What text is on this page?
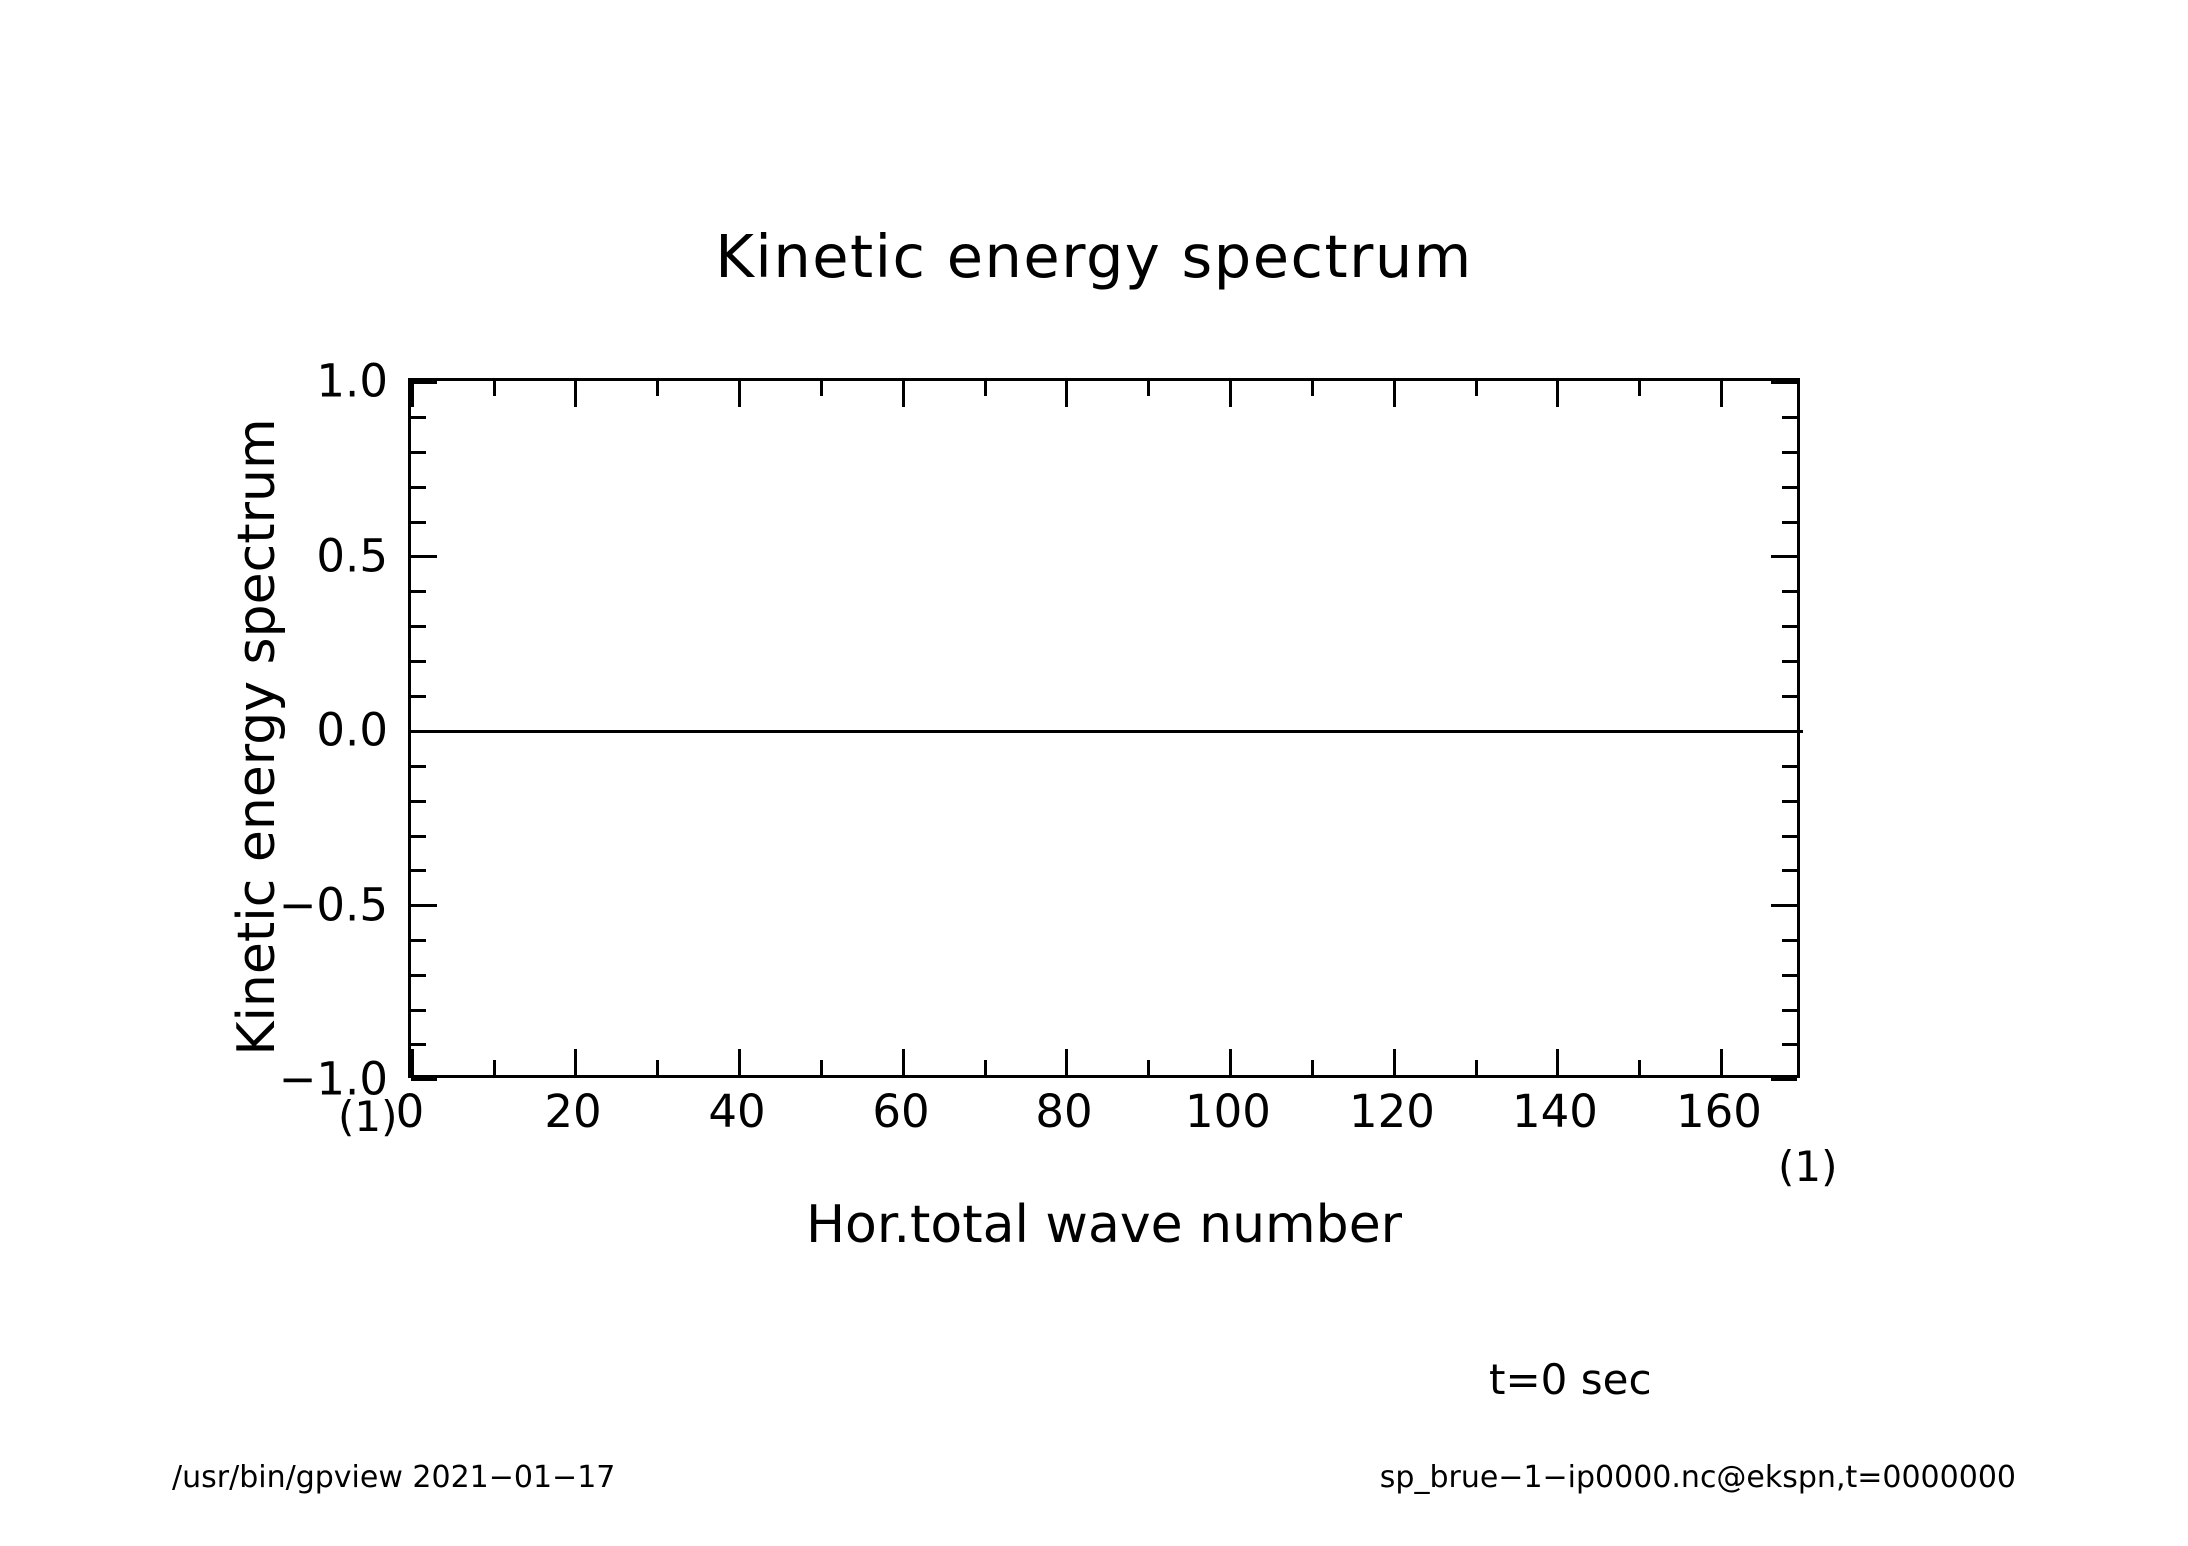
Kinetic energy spectrum
Kinetic energy spectrum
1.0
0.5
0.0
−0.5
−1.0
0	20 40 60 80 100 120 140 160
Hor.total wave number
(1)
(1)
t=0 sec
/usr/bin/gpview 2021−01−17	sp_brue−1−ip0000.nc@ekspn,t=0000000
